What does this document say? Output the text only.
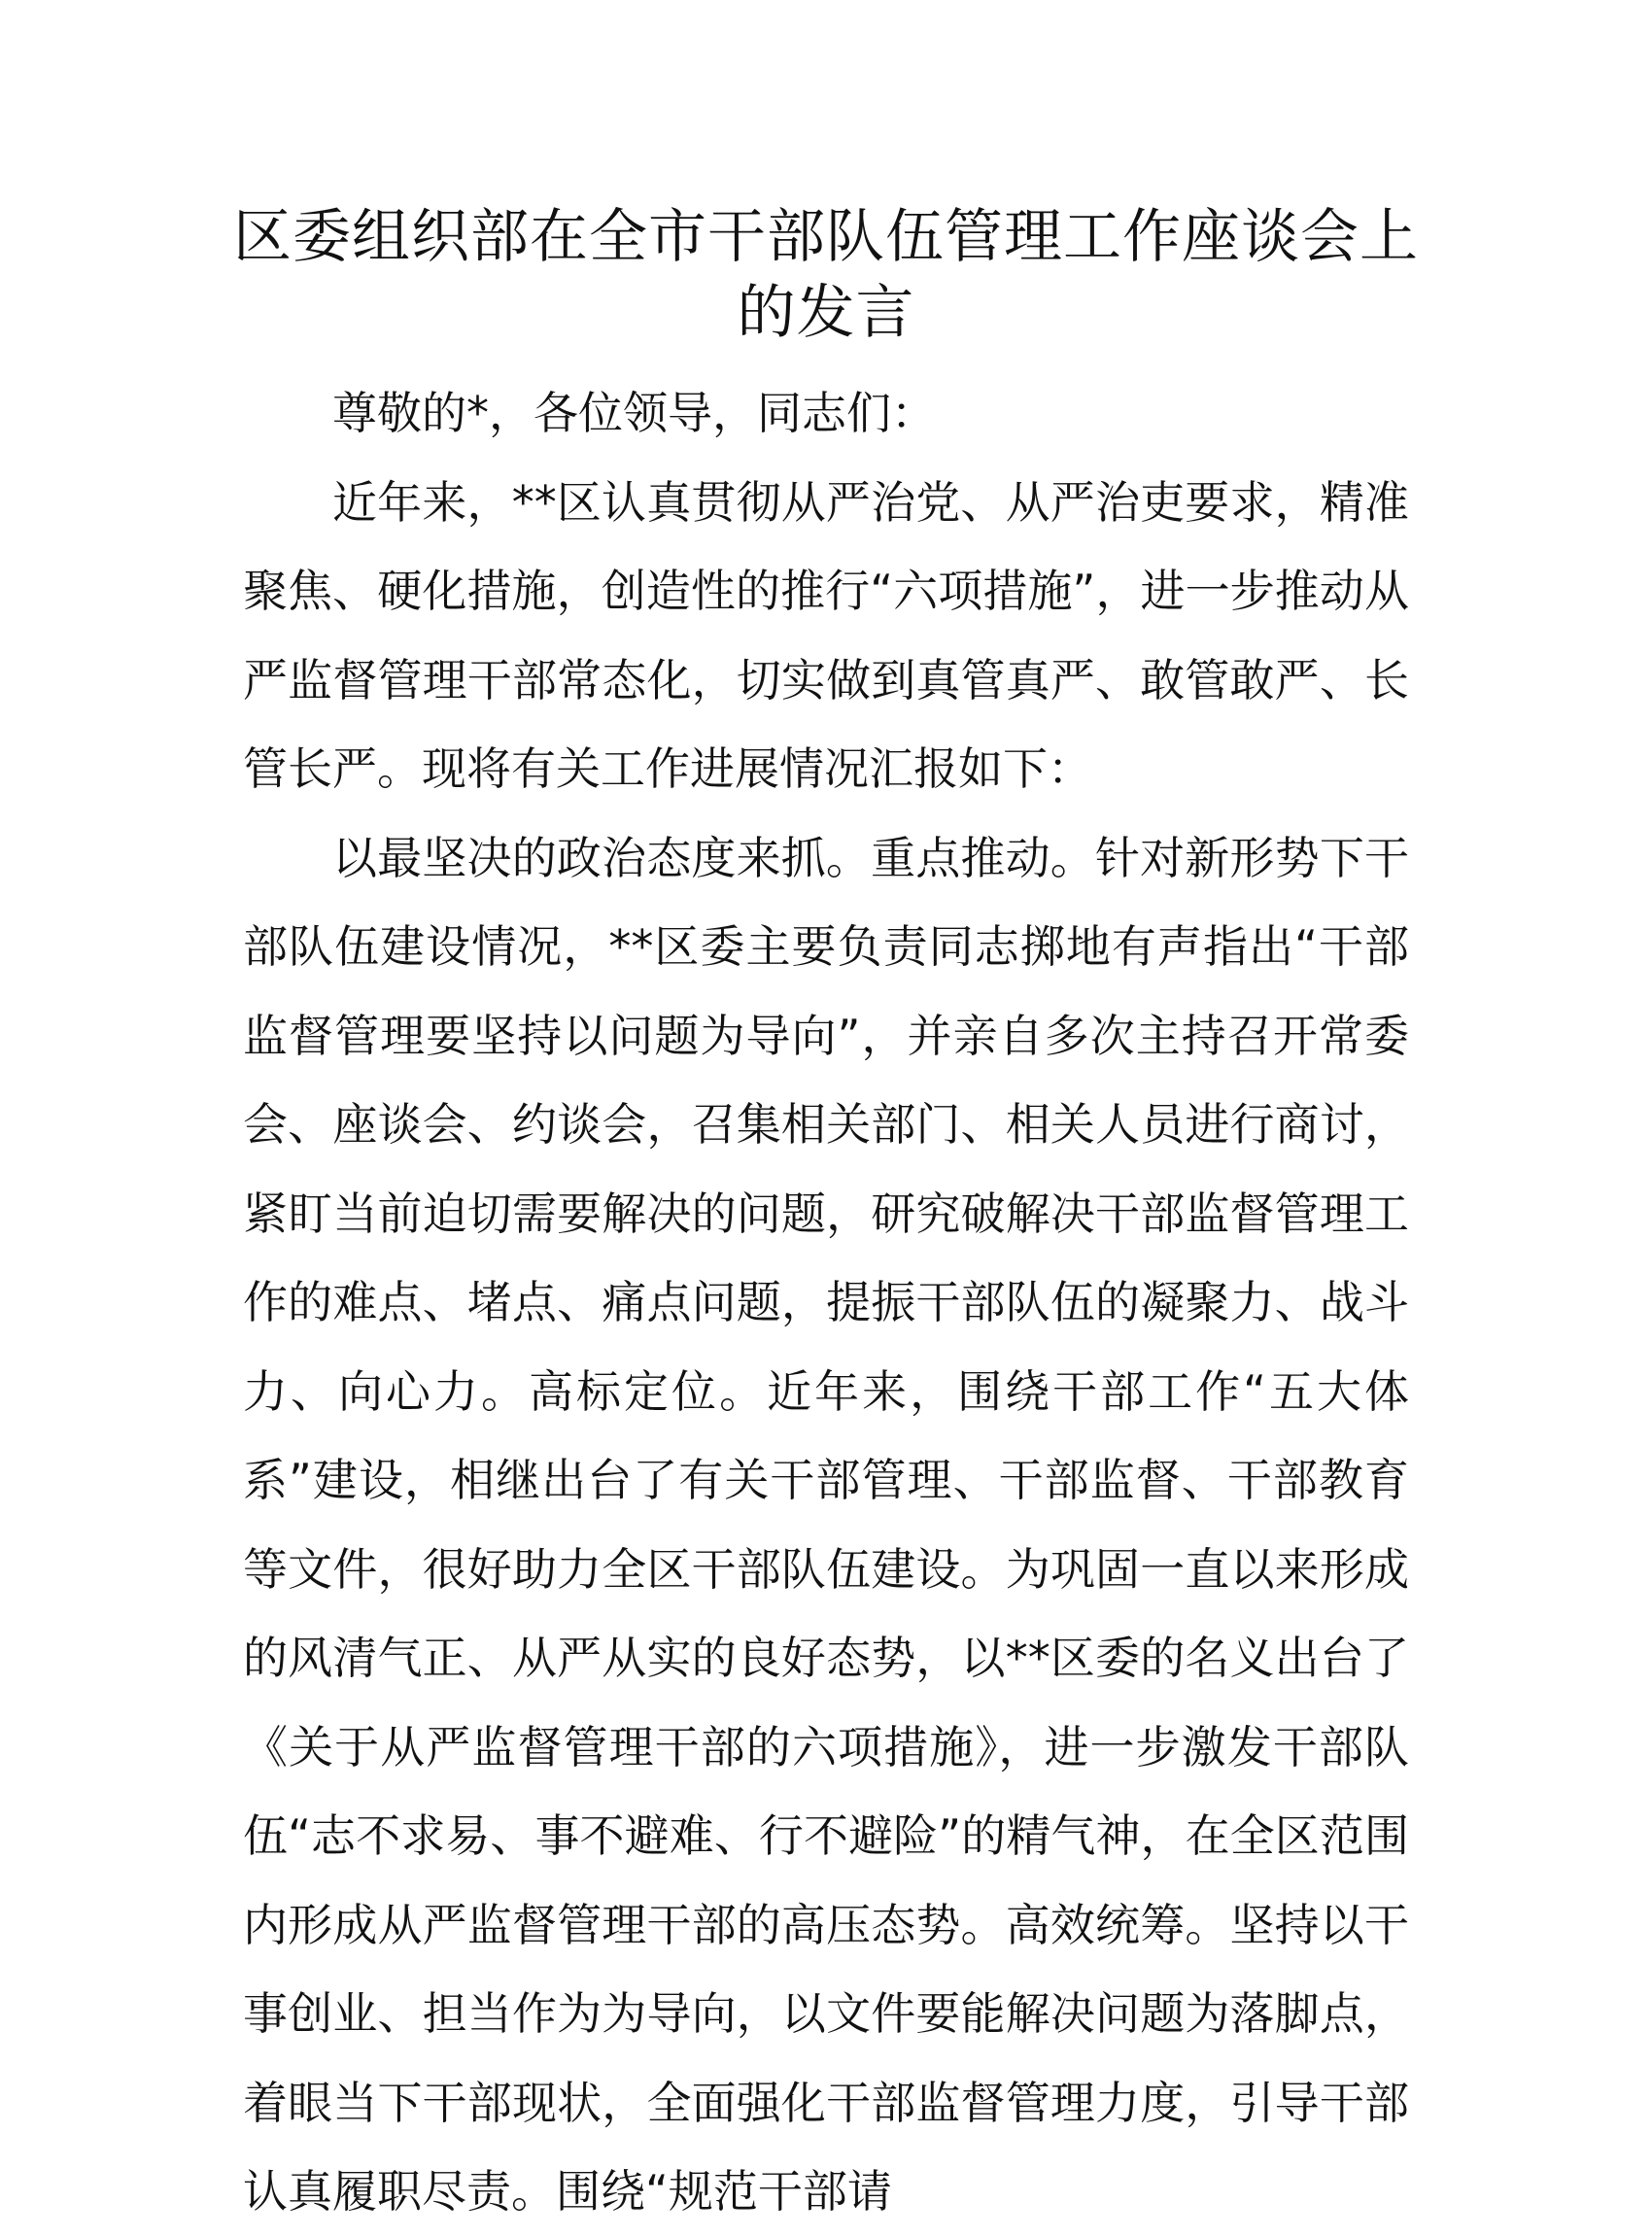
区委组织部在全市干部队伍管理工作座谈会上的发言

尊敬的*，各位领导，同志们：

近年来，**区认真贯彻从严治党、从严治吏要求，精准聚焦、硬化措施，创造性的推行“六项措施”，进一步推动从严监督管理干部常态化，切实做到真管真严、敢管敢严、长管长严。现将有关工作进展情况汇报如下：

以最坚决的政治态度来抓。重点推动。针对新形势下干部队伍建设情况，**区委主要负责同志掷地有声指出“干部监督管理要坚持以问题为导向”，并亲自多次主持召开常委会、座谈会、约谈会，召集相关部门、相关人员进行商讨，紧盯当前迫切需要解决的问题，研究破解决干部监督管理工作的难点、堵点、痛点问题，提振干部队伍的凝聚力、战斗力、向心力。高标定位。近年来，围绕干部工作“五大体系”建设，相继出台了有关干部管理、干部监督、干部教育等文件，很好助力全区干部队伍建设。为巩固一直以来形成的风清气正、从严从实的良好态势，以**区委的名义出台了《关于从严监督管理干部的六项措施》，进一步激发干部队伍“志不求易、事不避难、行不避险”的精气神，在全区范围内形成从严监督管理干部的高压态势。高效统筹。坚持以干事创业、担当作为为导向，以文件要能解决问题为落脚点，着眼当下干部现状，全面强化干部监督管理力度，引导干部认真履职尽责。围绕“规范干部请
